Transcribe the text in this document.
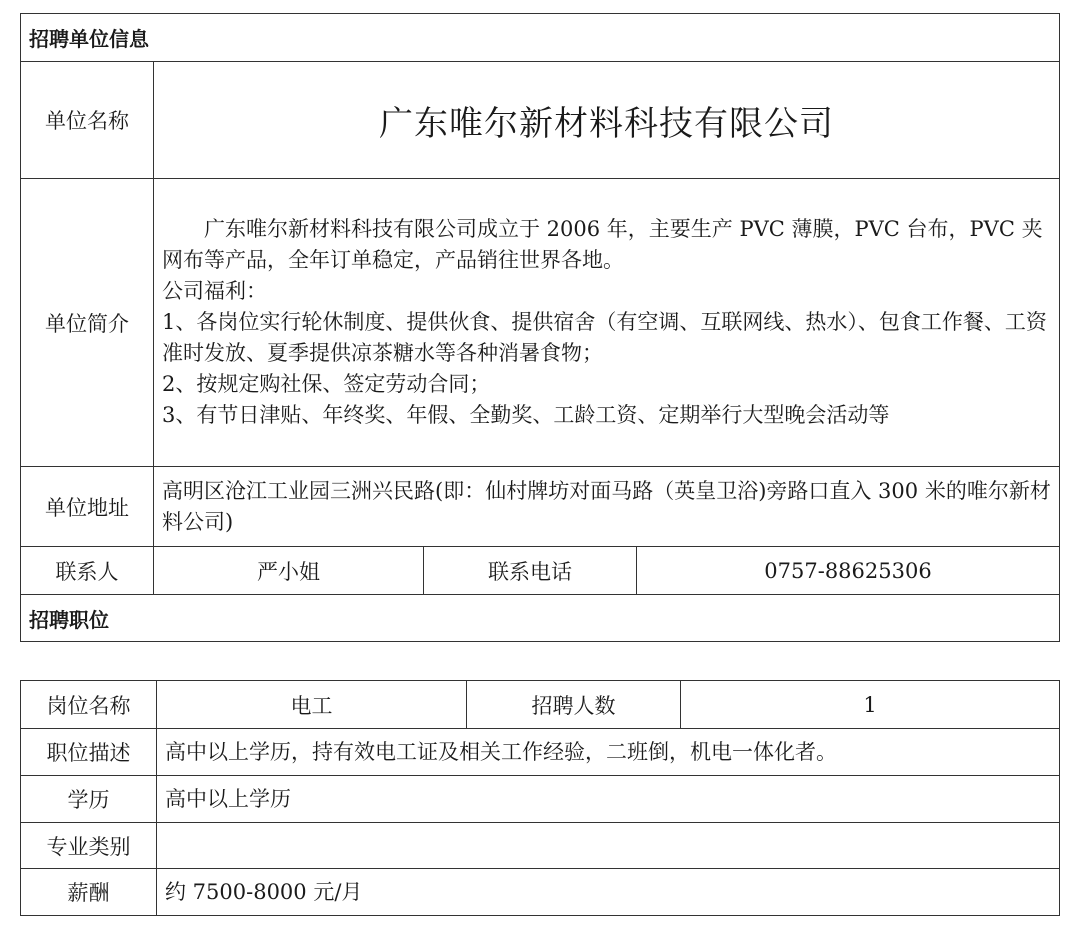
招聘单位信息			
单位名称	广东唯尔新材料科技有限公司		
单位简介	广东唯尔新材料科技有限公司成立于 2006 年，主要生产 PVC 薄膜，PVC 台布，PVC 夹网布等产品，全年订单稳定，产品销往世界各地。

公司福利：

1、各岗位实行轮休制度、提供伙食、提供宿舍（有空调、互联网线、热水）、包食工作餐、工资准时发放、夏季提供凉茶糖水等各种消暑食物；

2、按规定购社保、签定劳动合同；

3、有节日津贴、年终奖、年假、全勤奖、工龄工资、定期举行大型晚会活动等		

单位地址	高明区沧江工业园三洲兴民路(即：仙村牌坊对面马路（英皇卫浴)旁路口直入 300 米的唯尔新材料公司)		
联系人	严小姐	联系电话	0757-88625306
招聘职位			
岗位名称	电工	招聘人数	1
职位描述	高中以上学历，持有效电工证及相关工作经验，二班倒，机电一体化者。		
学历	高中以上学历		
专业类别			
薪酬	约 7500-8000 元/月		
